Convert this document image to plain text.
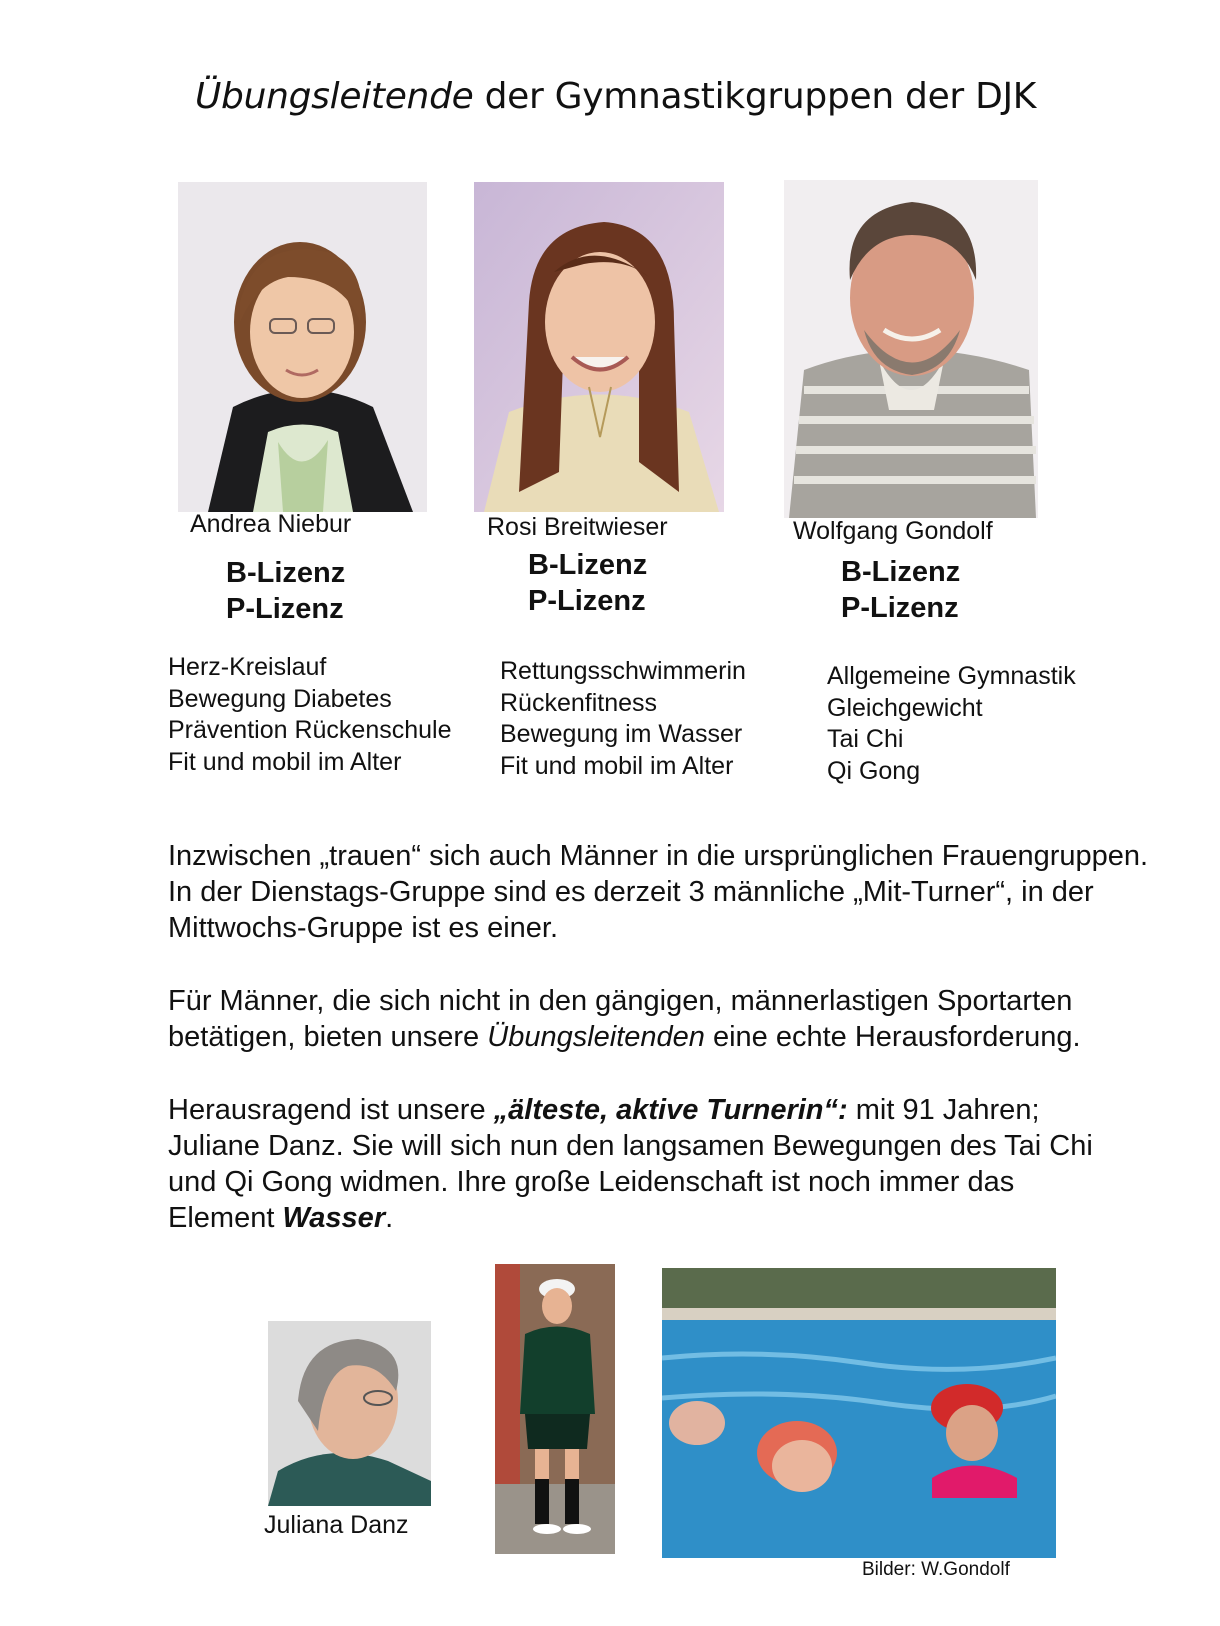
Übungsleitende der Gymnastikgruppen der DJK
Andrea Niebur	Rosi Breitwieser	Wolfgang Gondolf
B-Lizenz
P-Lizenz
B-Lizenz
P-Lizenz
B-Lizenz
P-Lizenz
Herz-Kreislauf
Bewegung Diabetes
Prävention Rückenschule
Fit und mobil im Alter
Rettungsschwimmerin
Rückenfitness
Bewegung im Wasser
Fit und mobil im Alter
Allgemeine Gymnastik
Gleichgewicht
Tai Chi
Qi Gong

Inzwischen „trauen“ sich auch Männer in die ursprünglichen Frauengruppen. In der Dienstags-Gruppe sind es derzeit 3 männliche „Mit-Turner“, in der Mittwochs-Gruppe ist es einer.

Für Männer, die sich nicht in den gängigen, männerlastigen Sportarten betätigen, bieten unsere Übungsleitenden eine echte Herausforderung.

Herausragend ist unsere „älteste, aktive Turnerin“: mit 91 Jahren; Juliane Danz. Sie will sich nun den langsamen Bewegungen des Tai Chi und Qi Gong widmen. Ihre große Leidenschaft ist noch immer das Element Wasser.

Juliana Danz
Bilder: W.Gondolf
